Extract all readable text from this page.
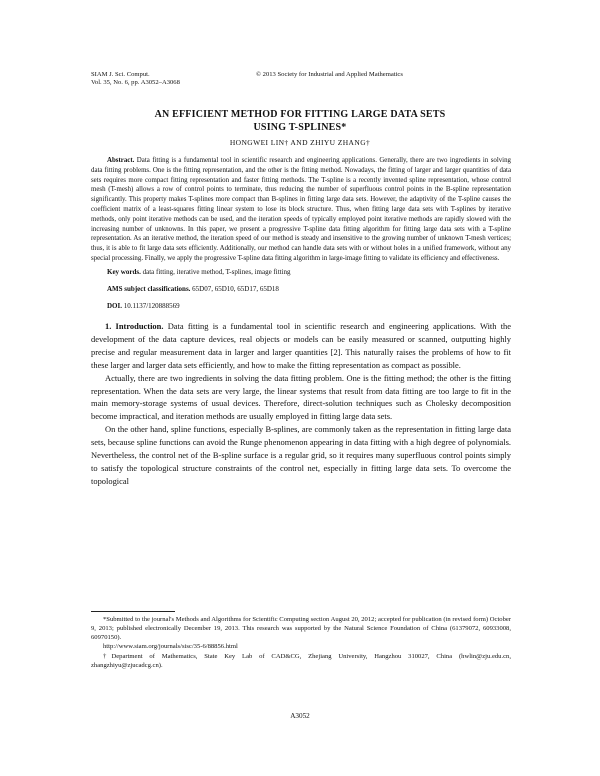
SIAM J. Sci. Comput.
Vol. 35, No. 6, pp. A3052–A3068
© 2013 Society for Industrial and Applied Mathematics
AN EFFICIENT METHOD FOR FITTING LARGE DATA SETS
USING T-SPLINES*
HONGWEI LIN† AND ZHIYU ZHANG†
Abstract. Data fitting is a fundamental tool in scientific research and engineering applications. Generally, there are two ingredients in solving data fitting problems. One is the fitting representation, and the other is the fitting method. Nowadays, the fitting of larger and larger quantities of data sets requires more compact fitting representation and faster fitting methods. The T-spline is a recently invented spline representation, whose control mesh (T-mesh) allows a row of control points to terminate, thus reducing the number of superfluous control points in the B-spline representation significantly. This property makes T-splines more compact than B-splines in fitting large data sets. However, the adaptivity of the T-spline causes the coefficient matrix of a least-squares fitting linear system to lose its block structure. Thus, when fitting large data sets with T-splines by iterative methods, only point iterative methods can be used, and the iteration speeds of typically employed point iterative methods are rapidly slowed with the increasing number of unknowns. In this paper, we present a progressive T-spline data fitting algorithm for fitting large data sets with a T-spline representation. As an iterative method, the iteration speed of our method is steady and insensitive to the growing number of unknown T-mesh vertices; thus, it is able to fit large data sets efficiently. Additionally, our method can handle data sets with or without holes in a unified framework, without any special processing. Finally, we apply the progressive T-spline data fitting algorithm in large-image fitting to validate its efficiency and effectiveness.
Key words. data fitting, iterative method, T-splines, image fitting
AMS subject classifications. 65D07, 65D10, 65D17, 65D18
DOI. 10.1137/120888569

1. Introduction. Data fitting is a fundamental tool in scientific research and engineering applications. With the development of the data capture devices, real objects or models can be easily measured or scanned, outputting highly precise and regular measurement data in larger and larger quantities [2]. This naturally raises the problems of how to fit these larger and larger data sets efficiently, and how to make the fitting representation as compact as possible.

Actually, there are two ingredients in solving the data fitting problem. One is the fitting method; the other is the fitting representation. When the data sets are very large, the linear systems that result from data fitting are too large to fit in the main memory-storage systems of usual devices. Therefore, direct-solution techniques such as Cholesky decomposition become impractical, and iteration methods are usually employed in fitting large data sets.

On the other hand, spline functions, especially B-splines, are commonly taken as the representation in fitting large data sets, because spline functions can avoid the Runge phenomenon appearing in data fitting with a high degree of polynomials. Nevertheless, the control net of the B-spline surface is a regular grid, so it requires many superfluous control points simply to satisfy the topological structure constraints of the control net, especially in fitting large data sets. To overcome the topological

*Submitted to the journal's Methods and Algorithms for Scientific Computing section August 20, 2012; accepted for publication (in revised form) October 9, 2013; published electronically December 19, 2013. This research was supported by the Natural Science Foundation of China (61379072, 60933008, 60970150).

http://www.siam.org/journals/sisc/35-6/88856.html

†Department of Mathematics, State Key Lab of CAD&CG, Zhejiang University, Hangzhou 310027, China (hwlin@zju.edu.cn, zhangzhiyu@zjucadcg.cn).

A3052
